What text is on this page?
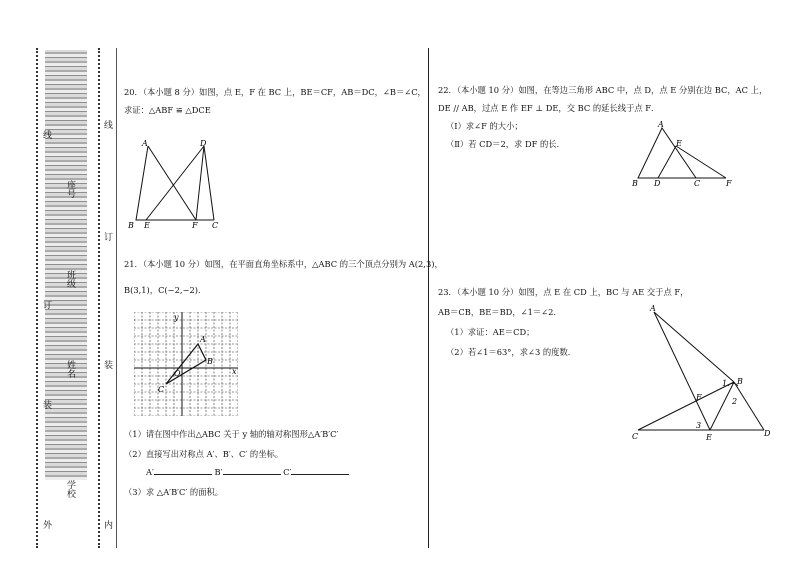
学校
姓名
班级
座号
外
装
订
线
内
装
订
线
20．（本小题 8 分）如图，点 E，F 在 BC 上，BE＝CF，AB＝DC，∠B＝∠C，
求证：△ABF ≌ △DCE
A	D
B E	F C
21．（本小题 10 分）如图，在平面直角坐标系中，△ABC 的三个顶点分别为 A(2,3)，
B(3,1)，C(−2,−2)．
y
x
A
B
C
O
（1）请在图中作出△ABC 关于 y 轴的轴对称图形△A′B′C′
（2）直接写出对称点 A′、B′、C′ 的坐标。
A′	B′	C′
（3）求 △A′B′C′ 的面积。
22．（本小题 10 分）如图，在等边三角形 ABC 中，点 D，点 E 分别在边 BC，AC 上，
DE // AB，过点 E 作 EF ⊥ DE，交 BC 的延长线于点 F．
（Ⅰ）求∠F 的大小；
（Ⅱ）若 CD＝2，求 DF 的长．
A
E
B D	C	F
23．（本小题 10 分）如图，点 E 在 CD 上，BC 与 AE 交于点 F，
AB＝CB，BE＝BD，∠1＝∠2．
（1）求证：AE＝CD；
（2）若∠1＝63°，求∠3 的度数．
A
B
C	D
E
F
1
2
3
